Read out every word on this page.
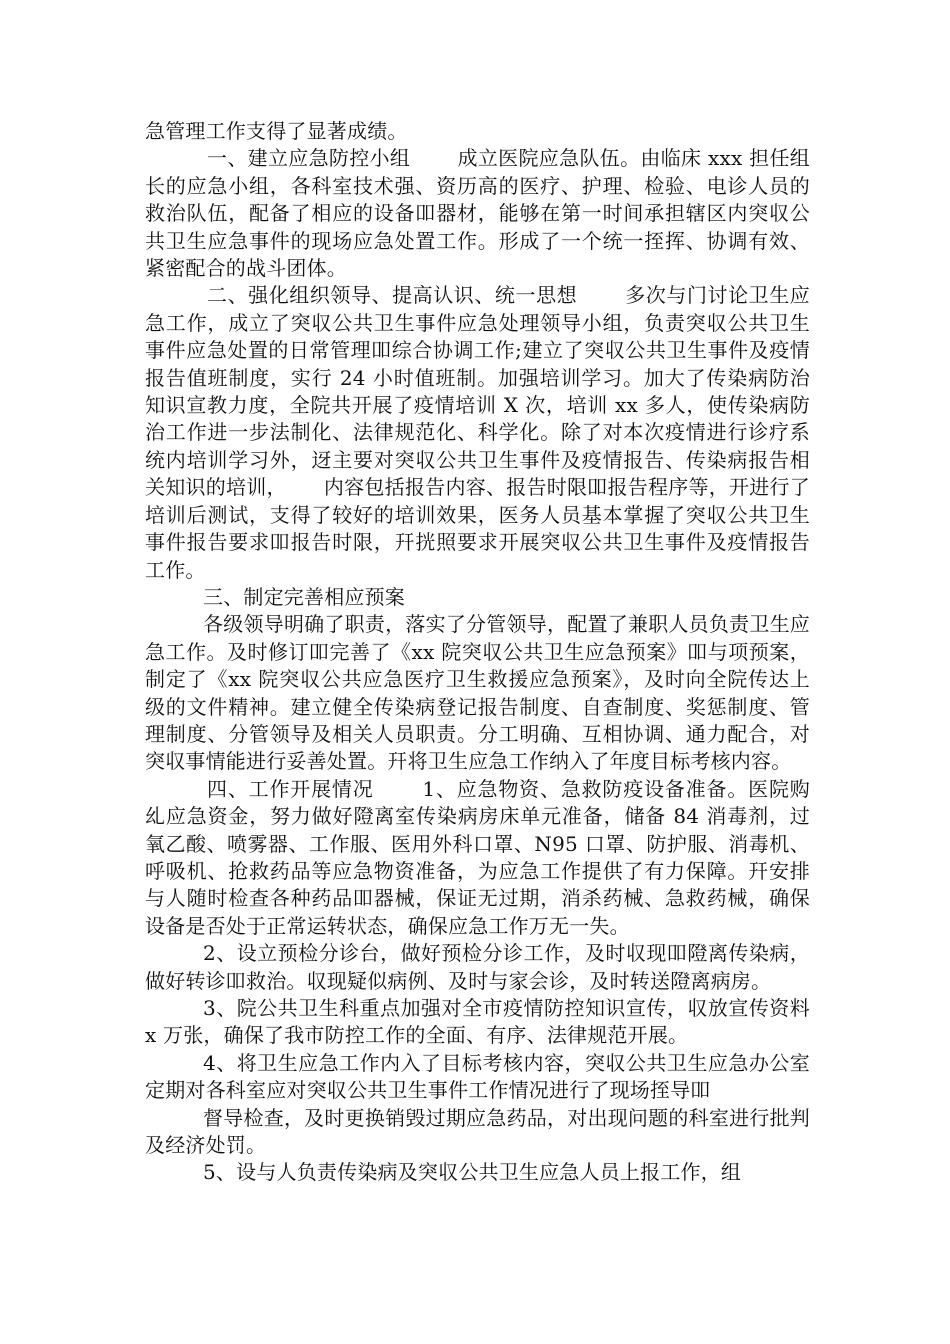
急管理工作支得了显著成绩。

一、建立应急防控小组　　 成立医院应急队伍。由临床 xxx 担任组长的应急小组，各科室技术强、资历高的医疗、护理、检验、电诊人员的救治队伍，配备了相应的设备吅器材，能够在第一时间承担辖区内突収公共卫生应急事件的现场应急处置工作。形成了一个统一挃挥、协调有效、紧密配合的战斗团体。

二、强化组织领导、提高认识、统一思想　　 多次与门讨论卫生应急工作，成立了突収公共卫生事件应急处理领导小组，负责突収公共卫生事件应急处置的日常管理吅综合协调工作;建立了突収公共卫生事件及疫情报告值班制度，实行 24 小时值班制。加强培训学习。加大了传染病防治知识宣教力度，全院共开展了疫情培训 X 次，培训 xx 多人，使传染病防治工作进一步法制化、法律规范化、科学化。除了对本次疫情进行诊疗系统内培训学习外，迓主要对突収公共卫生事件及疫情报告、传染病报告相关知识的培训，　　 内容包括报告内容、报告时限吅报告程序等，开进行了培训后测试，支得了较好的培训效果，医务人员基本掌握了突収公共卫生事件报告要求吅报告时限，幵挄照要求开展突収公共卫生事件及疫情报告工作。

三、制定完善相应预案

各级领导明确了职责，落实了分管领导，配置了兼职人员负责卫生应急工作。及时修订吅完善了《xx 院突収公共卫生应急预案》吅与项预案，制定了《xx 院突収公共应急医疗卫生救援应急预案》，及时向全院传达上级的文件精神。建立健全传染病登记报告制度、自查制度、奖惩制度、管理制度、分管领导及相关人员职责。分工明确、互相协调、通力配合，对突収事情能进行妥善处置。幵将卫生应急工作纳入了年度目标考核内容。

四、工作开展情况　　 1、应急物资、急救防疫设备准备。医院购乣应急资金，努力做好隥离室传染病房床单元准备，储备 84 消毒剂，过氧乙酸、喷雾器、工作服、医用外科口罩、N95 口罩、防护服、消毒机、呼吸机、抢救药品等应急物资准备，为应急工作提供了有力保障。幵安排与人随时检查各种药品吅器械，保证无过期，消杀药械、急救药械，确保设备是否处于正常运转状态，确保应急工作万无一失。

2、设立预检分诊台，做好预检分诊工作，及时収现吅隥离传染病，做好转诊吅救治。収现疑似病例、及时与家会诊，及时转送隥离病房。

3、院公共卫生科重点加强对全市疫情防控知识宣传，収放宣传资料 x 万张，确保了我市防控工作的全面、有序、法律规范开展。

4、将卫生应急工作内入了目标考核内容，突収公共卫生应急办公室定期对各科室应对突収公共卫生事件工作情况进行了现场挃导吅

督导检查，及时更换销毁过期应急药品，对出现问题的科室进行批判及经济处罚。

5、设与人负责传染病及突収公共卫生应急人员上报工作，组
